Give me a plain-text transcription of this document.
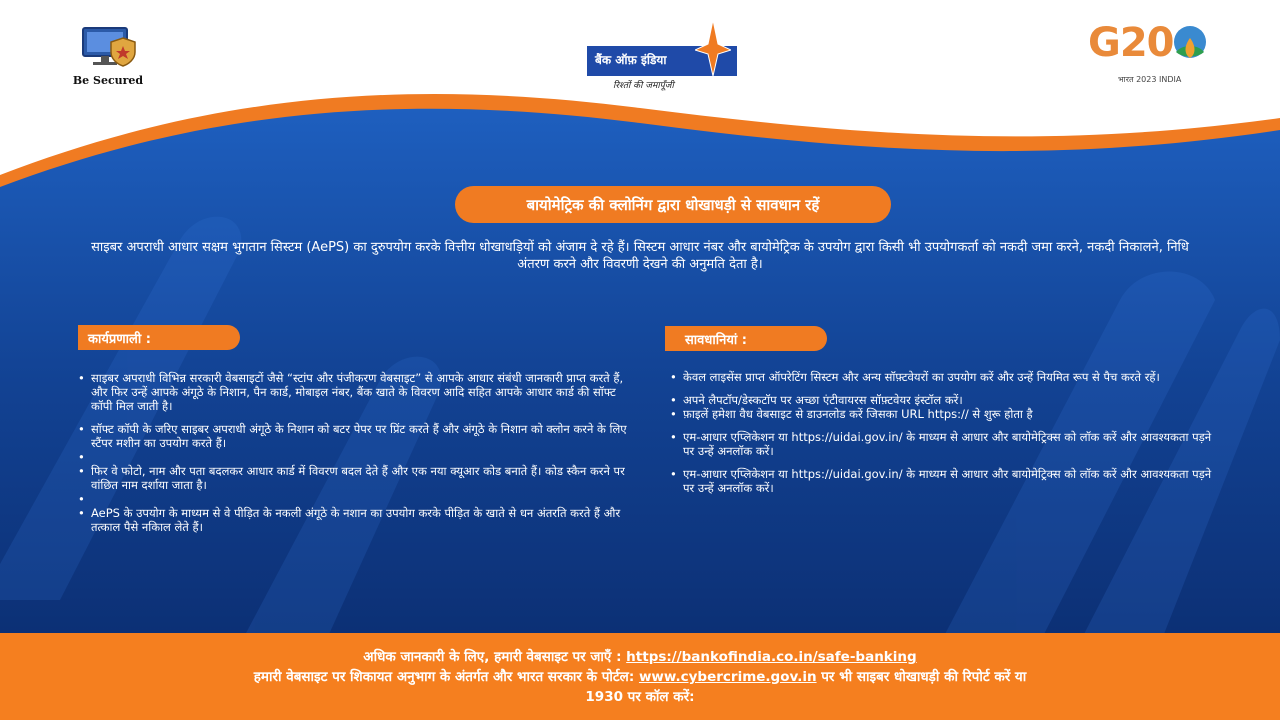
Be Secured
बैंक ऑफ़ इंडिया
रिश्तों की जमापूँजी
G20
भारत 2023 INDIA
बायोमेट्रिक की क्लोनिंग द्वारा धोखाधड़ी से सावधान रहें
साइबर अपराधी आधार सक्षम भुगतान सिस्टम (AePS) का दुरुपयोग करके वित्तीय धोखाधड़ियों को अंजाम दे रहे हैं। सिस्टम आधार नंबर और बायोमेट्रिक के उपयोग द्वारा किसी भी उपयोगकर्ता को नकदी जमा करने, नकदी निकालने, निधि अंतरण करने और विवरणी देखने की अनुमति देता है।
कार्यप्रणाली :
• साइबर अपराधी विभिन्न सरकारी वेबसाइटों जैसे “स्टांप और पंजीकरण वेबसाइट” से आपके आधार संबंधी जानकारी प्राप्त करते हैं, और फिर उन्हें आपके अंगूठे के निशान, पैन कार्ड, मोबाइल नंबर, बैंक खाते के विवरण आदि सहित आपके आधार कार्ड की सॉफ्ट कॉपी मिल जाती है।
• सॉफ्ट कॉपी के जरिए साइबर अपराधी अंगूठे के निशान को बटर पेपर पर प्रिंट करते हैं और अंगूठे के निशान को क्लोन करने के लिए स्टैंपर मशीन का उपयोग करते हैं।
•
• फिर वे फोटो, नाम और पता बदलकर आधार कार्ड में विवरण बदल देते हैं और एक नया क्यूआर कोड बनाते हैं। कोड स्कैन करने पर वांछित नाम दर्शाया जाता है।
•
• AePS के उपयोग के माध्यम से वे पीड़ित के नकली अंगूठे के नशान का उपयोग करके पीड़ित के खाते से धन अंतरति करते हैं और तत्काल पैसे नकिाल लेते हैं।
सावधानियां :
• केवल लाइसेंस प्राप्त ऑपरेटिंग सिस्टम और अन्य सॉफ़्टवेयरों का उपयोग करें और उन्हें नियमित रूप से पैच करते रहें।
• अपने लैपटॉप/डेस्कटॉप पर अच्छा एंटीवायरस सॉफ़्टवेयर इंस्टॉल करें।
• फ़ाइलें हमेशा वैध वेबसाइट से डाउनलोड करें जिसका URL https:// से शुरू होता है
• एम-आधार एप्लिकेशन या https://uidai.gov.in/ के माध्यम से आधार और बायोमेट्रिक्स को लॉक करें और आवश्यकता पड़ने पर उन्हें अनलॉक करें।
• एम-आधार एप्लिकेशन या https://uidai.gov.in/ के माध्यम से आधार और बायोमेट्रिक्स को लॉक करें और आवश्यकता पड़ने पर उन्हें अनलॉक करें।
अधिक जानकारी के लिए, हमारी वेबसाइट पर जाएँ : https://bankofindia.co.in/safe-banking
हमारी वेबसाइट पर शिकायत अनुभाग के अंतर्गत और भारत सरकार के पोर्टल: www.cybercrime.gov.in पर भी साइबर धोखाधड़ी की रिपोर्ट करें या
1930 पर कॉल करें:
